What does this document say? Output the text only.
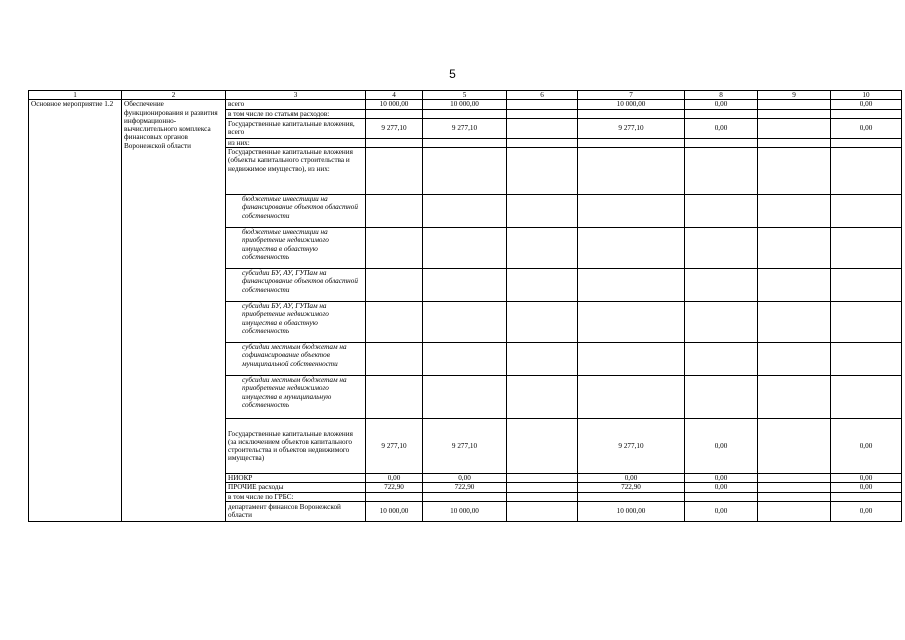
5
1	2	3	4	5	6	7	8	9	10
Основное мероприятие 1.2	Обеспечение функционирования и развития информационно-вычислительного комплекса финансовых органов Воронежской области	всего	10 000,00	10 000,00		10 000,00	0,00		0,00
		в том числе по статьям расходов:							
		Государственные капитальные вложения, всего	9 277,10	9 277,10		9 277,10	0,00		0,00
		из них:							
		Государственные капитальные вложения (объекты капитального строительства и недвижимое имущество), из них:							
		бюджетные инвестиции на финансирование объектов областной собственности							
		бюджетные инвестиции на приобретение недвижимого имущества в областную собственность							
		субсидии БУ, АУ, ГУПам на финансирование объектов областной собственности							
		субсидии БУ, АУ, ГУПам на приобретение недвижимого имущества в областную собственность							
		субсидии местным бюджетам на софинансирование объектов муниципальной собственности							
		субсидии местным бюджетам на приобретение недвижимого имущества в муниципальную собственность							
		Государственные капитальные вложения (за исключением объектов капитального строительства и объектов недвижимого имущества)	9 277,10	9 277,10		9 277,10	0,00		0,00
		НИОКР	0,00	0,00		0,00	0,00		0,00
		ПРОЧИЕ расходы	722,90	722,90		722,90	0,00		0,00
		в том числе по ГРБС:							
		департамент финансов Воронежской области	10 000,00	10 000,00		10 000,00	0,00		0,00
